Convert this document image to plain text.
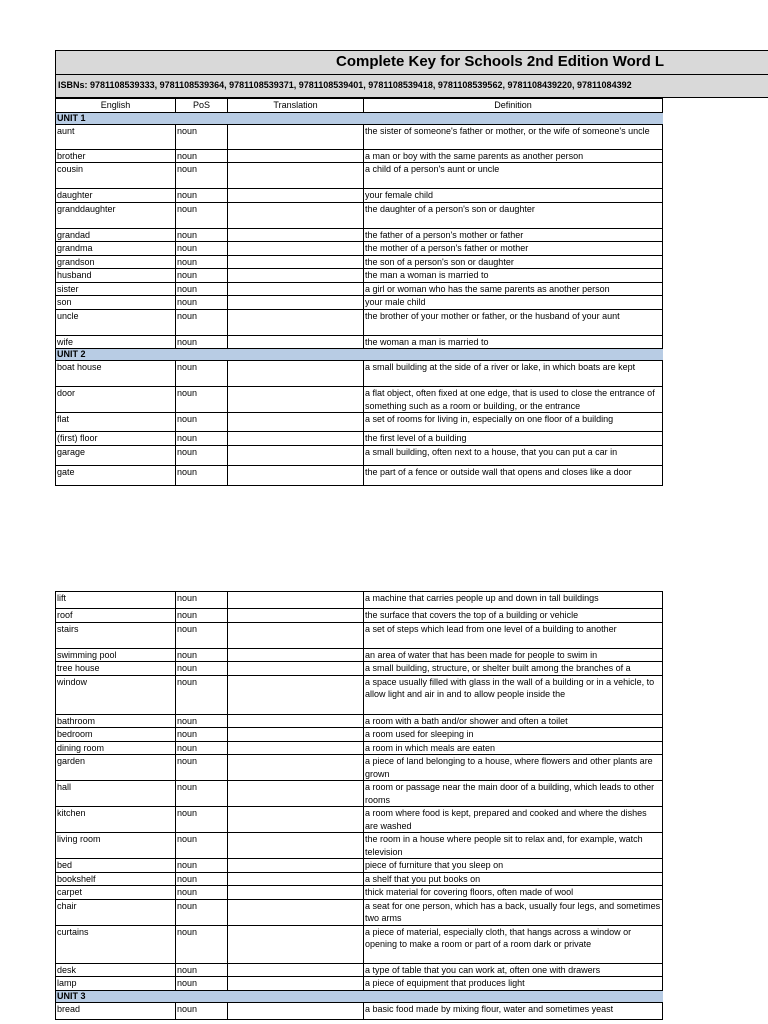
Complete Key for Schools 2nd Edition Word L
ISBNs: 9781108539333, 9781108539364, 9781108539371, 9781108539401, 9781108539418, 9781108539562, 9781108439220, 97811084392
English	PoS	Translation	Definition
UNIT 1			
aunt	noun		the sister of someone's father or mother, or the wife of someone's uncle
brother	noun		a man or boy with the same parents as another person
cousin	noun		a child of a person's aunt or uncle
daughter	noun		your female child
granddaughter	noun		the daughter of a person's son or daughter
grandad	noun		the father of a person's mother or father
grandma	noun		the mother of a person's father or mother
grandson	noun		the son of a person's son or daughter
husband	noun		the man a woman is married to
sister	noun		a girl or woman who has the same parents as another person
son	noun		your male child
uncle	noun		the brother of your mother or father, or the husband of your aunt
wife	noun		the woman a man is married to
UNIT 2			
boat house	noun		a small building at the side of a river or lake, in which boats are kept
door	noun		a flat object, often fixed at one edge, that is used to close the entrance of something such as a room or building, or the entrance
flat	noun		a set of rooms for living in, especially on one floor of a building
(first) floor	noun		the first level of a building
garage	noun		a small building, often next to a house, that you can put a car in
gate	noun		the part of a fence or outside wall that opens and closes like a door
lift	noun		a machine that carries people up and down in tall buildings
roof	noun		the surface that covers the top of a building or vehicle
stairs	noun		a set of steps which lead from one level of a building to another
swimming pool	noun		an area of water that has been made for people to swim in
tree house	noun		a small building, structure, or shelter built among the branches of a
window	noun		a space usually filled with glass in the wall of a building or in a vehicle, to allow light and air in and to allow people inside the
bathroom	noun		a room with a bath and/or shower and often a toilet
bedroom	noun		a room used for sleeping in
dining room	noun		a room in which meals are eaten
garden	noun		a piece of land belonging to a house, where flowers and other plants are grown
hall	noun		a room or passage near the main door of a building, which leads to other rooms
kitchen	noun		a room where food is kept, prepared and cooked and where the dishes are washed
living room	noun		the room in a house where people sit to relax and, for example, watch television
bed	noun		piece of furniture that you sleep on
bookshelf	noun		a shelf that you put books on
carpet	noun		thick material for covering floors, often made of wool
chair	noun		a seat for one person, which has a back, usually four legs, and sometimes two arms
curtains	noun		a piece of material, especially cloth, that hangs across a window or opening to make a room or part of a room dark or private
desk	noun		a type of table that you can work at, often one with drawers
lamp	noun		a piece of equipment that produces light
UNIT 3			
bread	noun		a basic food made by mixing flour, water and sometimes yeast
